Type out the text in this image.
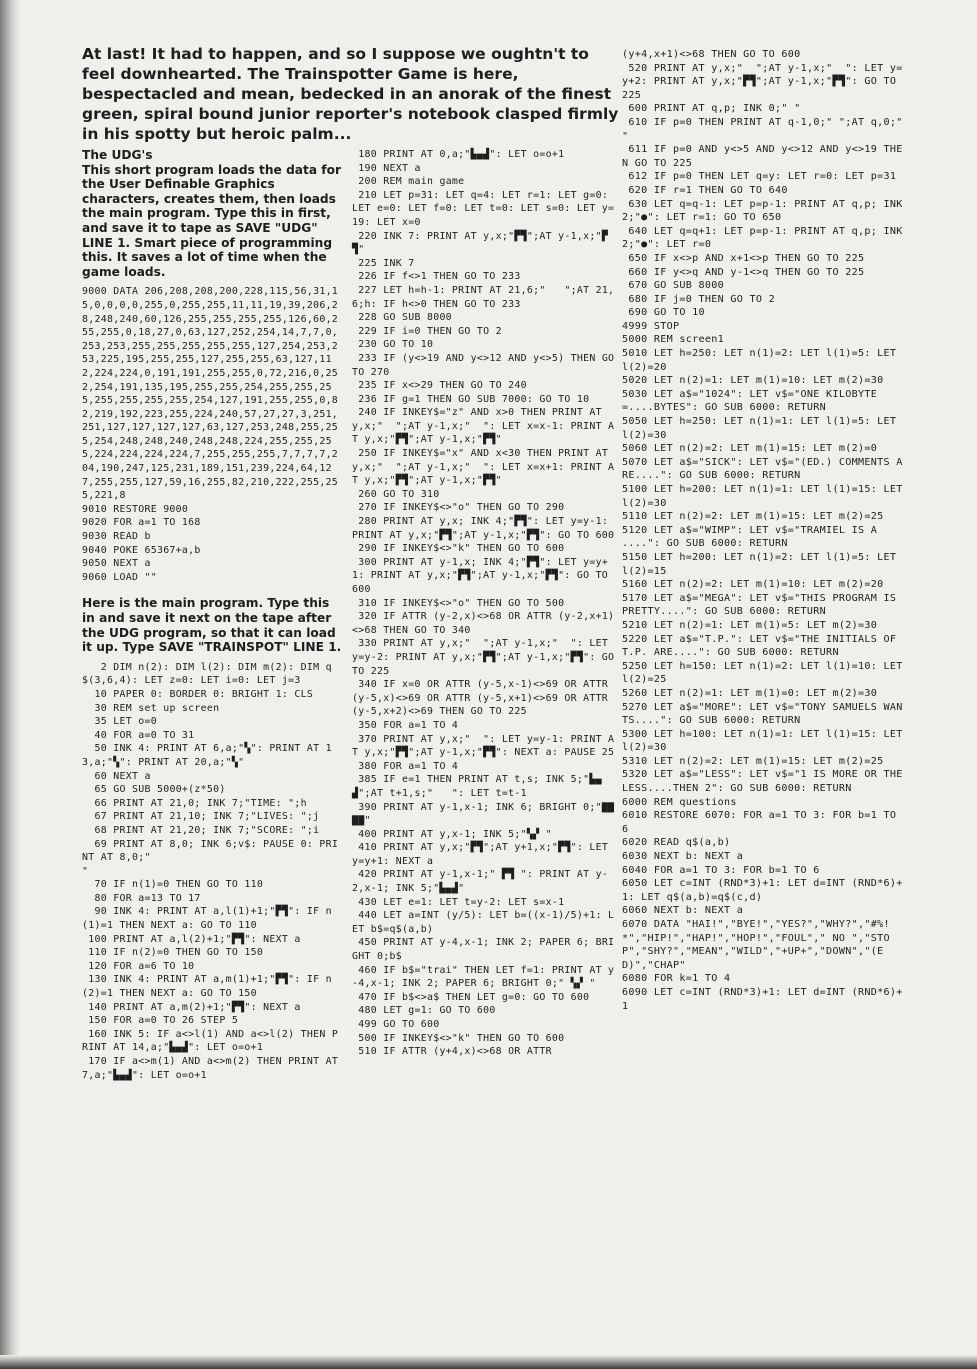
At last! It had to happen, and so I suppose we oughtn't to feel downhearted. The Trainspotter Game is here, bespectacled and mean, bedecked in an anorak of the finest green, spiral bound junior reporter's notebook clasped firmly in his spotty but heroic palm...

The UDG's
This short program loads the data for the User Definable Graphics characters, creates them, then loads the main program. Type this in first, and save it to tape as SAVE "UDG" LINE 1. Smart piece of programming this. It saves a lot of time when the game loads.

9000 DATA 206,208,208,200,228,115,56,31,15,0,0,0,0,255,0,255,255,11,11,19,39,206,28,248,240,60,126,255,255,255,255,126,60,255,255,0,18,27,0,63,127,252,254,14,7,7,0,253,253,255,255,255,255,255,127,254,253,253,225,195,255,255,127,255,255,63,127,112,224,224,0,191,191,255,255,0,72,216,0,252,254,191,135,195,255,255,254,255,255,255,255,255,255,255,254,127,191,255,255,0,82,219,192,223,255,224,240,57,27,27,3,251,251,127,127,127,127,63,127,253,248,255,255,254,248,248,240,248,248,224,255,255,255,224,224,224,224,7,255,255,255,7,7,7,7,204,190,247,125,231,189,151,239,224,64,127,255,255,127,59,16,255,82,210,222,255,255,221,8
9010 RESTORE 9000
9020 FOR a=1 TO 168
9030 READ b
9040 POKE 65367+a,b
9050 NEXT a
9060 LOAD ""

Here is the main program. Type this in and save it next on the tape after the UDG program, so that it can load it up. Type SAVE "TRAINSPOT" LINE 1.

2 DIM n(2): DIM l(2): DIM m(2): DIM q$(3,6,4): LET z=0: LET i=0: LET j=3
10 PAPER 0: BORDER 0: BRIGHT 1: CLS
30 REM set up screen
35 LET o=0
40 FOR a=0 TO 31
50 INK 4: PRINT AT 6,a;"▚": PRINT AT 13,a;"▚": PRINT AT 20,a;"▚"
60 NEXT a
65 GO SUB 5000+(z*50)
66 PRINT AT 21,0; INK 7;"TIME: ";h
67 PRINT AT 21,10; INK 7;"LIVES: ";j
68 PRINT AT 21,20; INK 7;"SCORE: ";i
69 PRINT AT 8,0; INK 6;v$: PAUSE 0: PRINT AT 8,0;"                                "
70 IF n(1)=0 THEN GO TO 110
80 FOR a=13 TO 17
90 INK 4: PRINT AT a,l(1)+1;"▛▜": IF n(1)=1 THEN NEXT a: GO TO 110
100 PRINT AT a,l(2)+1;"▛▜": NEXT a
110 IF n(2)=0 THEN GO TO 150
120 FOR a=6 TO 10
130 INK 4: PRINT AT a,m(1)+1;"▛▜": IF n(2)=1 THEN NEXT a: GO TO 150
140 PRINT AT a,m(2)+1;"▛▜": NEXT a
150 FOR a=0 TO 26 STEP 5
160 INK 5: IF a<>l(1) AND a<>l(2) THEN PRINT AT 14,a;"▙▄▟": LET o=o+1
170 IF a<>m(1) AND a<>m(2) THEN PRINT AT 7,a;"▙▄▟": LET o=o+1
180 PRINT AT 0,a;"▙▄▟": LET o=o+1
190 NEXT a
200 REM main game
210 LET p=31: LET q=4: LET r=1: LET g=0: LET e=0: LET f=0: LET t=0: LET s=0: LET y=19: LET x=0
220 INK 7: PRINT AT y,x;"▛▜";AT y-1,x;"▛▜"
225 INK 7
226 IF f<>1 THEN GO TO 233
227 LET h=h-1: PRINT AT 21,6;"   ";AT 21,6;h: IF h<>0 THEN GO TO 233
228 GO SUB 8000
229 IF i=0 THEN GO TO 2
230 GO TO 10
233 IF (y<>19 AND y<>12 AND y<>5) THEN GO TO 270
235 IF x<>29 THEN GO TO 240
236 IF g=1 THEN GO SUB 7000: GO TO 10
240 IF INKEY$="z" AND x>0 THEN PRINT AT y,x;"  ";AT y-1,x;"  ": LET x=x-1: PRINT AT y,x;"▛▜";AT y-1,x;"▛▜"
250 IF INKEY$="x" AND x<30 THEN PRINT AT y,x;"  ";AT y-1,x;"  ": LET x=x+1: PRINT AT y,x;"▛▜";AT y-1,x;"▛▜"
260 GO TO 310
270 IF INKEY$<>"o" THEN GO TO 290
280 PRINT AT y,x; INK 4;"▛▜": LET y=y-1: PRINT AT y,x;"▛▜";AT y-1,x;"▛▜": GO TO 600
290 IF INKEY$<>"k" THEN GO TO 600
300 PRINT AT y-1,x; INK 4;"▛▜": LET y=y+1: PRINT AT y,x;"▛▜";AT y-1,x;"▛▜": GO TO 600
310 IF INKEY$<>"o" THEN GO TO 500
320 IF ATTR (y-2,x)<>68 OR ATTR (y-2,x+1)<>68 THEN GO TO 340
330 PRINT AT y,x;"  ";AT y-1,x;"  ": LET y=y-2: PRINT AT y,x;"▛▜";AT y-1,x;"▛▜": GO TO 225
340 IF x=0 OR ATTR (y-5,x-1)<>69 OR ATTR (y-5,x)<>69 OR ATTR (y-5,x+1)<>69 OR ATTR (y-5,x+2)<>69 THEN GO TO 225
350 FOR a=1 TO 4
370 PRINT AT y,x;"  ": LET y=y-1: PRINT AT y,x;"▛▜";AT y-1,x;"▛▜": NEXT a: PAUSE 25
380 FOR a=1 TO 4
385 IF e=1 THEN PRINT AT t,s; INK 5;"▙▄▟";AT t+1,s;"   ": LET t=t-1
390 PRINT AT y-1,x-1; INK 6; BRIGHT 0;"▇▇▇▇"
400 PRINT AT y,x-1; INK 5;"▚▞ "
410 PRINT AT y,x;"▛▜";AT y+1,x;"▛▜": LET y=y+1: NEXT a
420 PRINT AT y-1,x-1;" ▛▜ ": PRINT AT y-2,x-1; INK 5;"▙▄▟"
430 LET e=1: LET t=y-2: LET s=x-1
440 LET a=INT (y/5): LET b=((x-1)/5)+1: LET b$=q$(a,b)
450 PRINT AT y-4,x-1; INK 2; PAPER 6; BRIGHT 0;b$
460 IF b$="trai" THEN LET f=1: PRINT AT y-4,x-1; INK 2; PAPER 6; BRIGHT 0;" ▚▞ "
470 IF b$<>a$ THEN LET g=0: GO TO 600
480 LET g=1: GO TO 600
499 GO TO 600
500 IF INKEY$<>"k" THEN GO TO 600
510 IF ATTR (y+4,x)<>68 OR ATTR
(y+4,x+1)<>68 THEN GO TO 600
520 PRINT AT y,x;"  ";AT y-1,x;"  ": LET y=y+2: PRINT AT y,x;"▛▜";AT y-1,x;"▛▜": GO TO 225
600 PRINT AT q,p; INK 0;" "
610 IF p=0 THEN PRINT AT q-1,0;" ";AT q,0;" "
611 IF p=0 AND y<>5 AND y<>12 AND y<>19 THEN GO TO 225
612 IF p=0 THEN LET q=y: LET r=0: LET p=31
620 IF r=1 THEN GO TO 640
630 LET q=q-1: LET p=p-1: PRINT AT q,p; INK 2;"●": LET r=1: GO TO 650
640 LET q=q+1: LET p=p-1: PRINT AT q,p; INK 2;"●": LET r=0
650 IF x<>p AND x+1<>p THEN GO TO 225
660 IF y<>q AND y-1<>q THEN GO TO 225
670 GO SUB 8000
680 IF j=0 THEN GO TO 2
690 GO TO 10
4999 STOP
5000 REM screen1
5010 LET h=250: LET n(1)=2: LET l(1)=5: LET l(2)=20
5020 LET n(2)=1: LET m(1)=10: LET m(2)=30
5030 LET a$="1024": LET v$="ONE KILOBYTE =....BYTES": GO SUB 6000: RETURN
5050 LET h=250: LET n(1)=1: LET l(1)=5: LET l(2)=30
5060 LET n(2)=2: LET m(1)=15: LET m(2)=0
5070 LET a$="SICK": LET v$="(ED.) COMMENTS ARE....": GO SUB 6000: RETURN
5100 LET h=200: LET n(1)=1: LET l(1)=15: LET l(2)=30
5110 LET n(2)=2: LET m(1)=15: LET m(2)=25
5120 LET a$="WIMP": LET v$="TRAMIEL IS A ....": GO SUB 6000: RETURN
5150 LET h=200: LET n(1)=2: LET l(1)=5: LET l(2)=15
5160 LET n(2)=2: LET m(1)=10: LET m(2)=20
5170 LET a$="MEGA": LET v$="THIS PROGRAM IS PRETTY....": GO SUB 6000: RETURN
5210 LET n(2)=1: LET m(1)=5: LET m(2)=30
5220 LET a$="T.P.": LET v$="THE INITIALS OF T.P. ARE....": GO SUB 6000: RETURN
5250 LET h=150: LET n(1)=2: LET l(1)=10: LET l(2)=25
5260 LET n(2)=1: LET m(1)=0: LET m(2)=30
5270 LET a$="MORE": LET v$="TONY SAMUELS WANTS....": GO SUB 6000: RETURN
5300 LET h=100: LET n(1)=1: LET l(1)=15: LET l(2)=30
5310 LET n(2)=2: LET m(1)=15: LET m(2)=25
5320 LET a$="LESS": LET v$="1 IS MORE OR THE LESS....THEN 2": GO SUB 6000: RETURN
6000 REM questions
6010 RESTORE 6070: FOR a=1 TO 3: FOR b=1 TO 6
6020 READ q$(a,b)
6030 NEXT b: NEXT a
6040 FOR a=1 TO 3: FOR b=1 TO 6
6050 LET c=INT (RND*3)+1: LET d=INT (RND*6)+1: LET q$(a,b)=q$(c,d)
6060 NEXT b: NEXT a
6070 DATA "HAI!","BYE!","YES?","WHY?","#%!*","HIP!","HAP!","HOP!","FOUL"," NO ","STOP","SHY?","MEAN","WILD","+UP+","DOWN","(ED)","CHAP"
6080 FOR k=1 TO 4
6090 LET c=INT (RND*3)+1: LET d=INT (RND*6)+1
